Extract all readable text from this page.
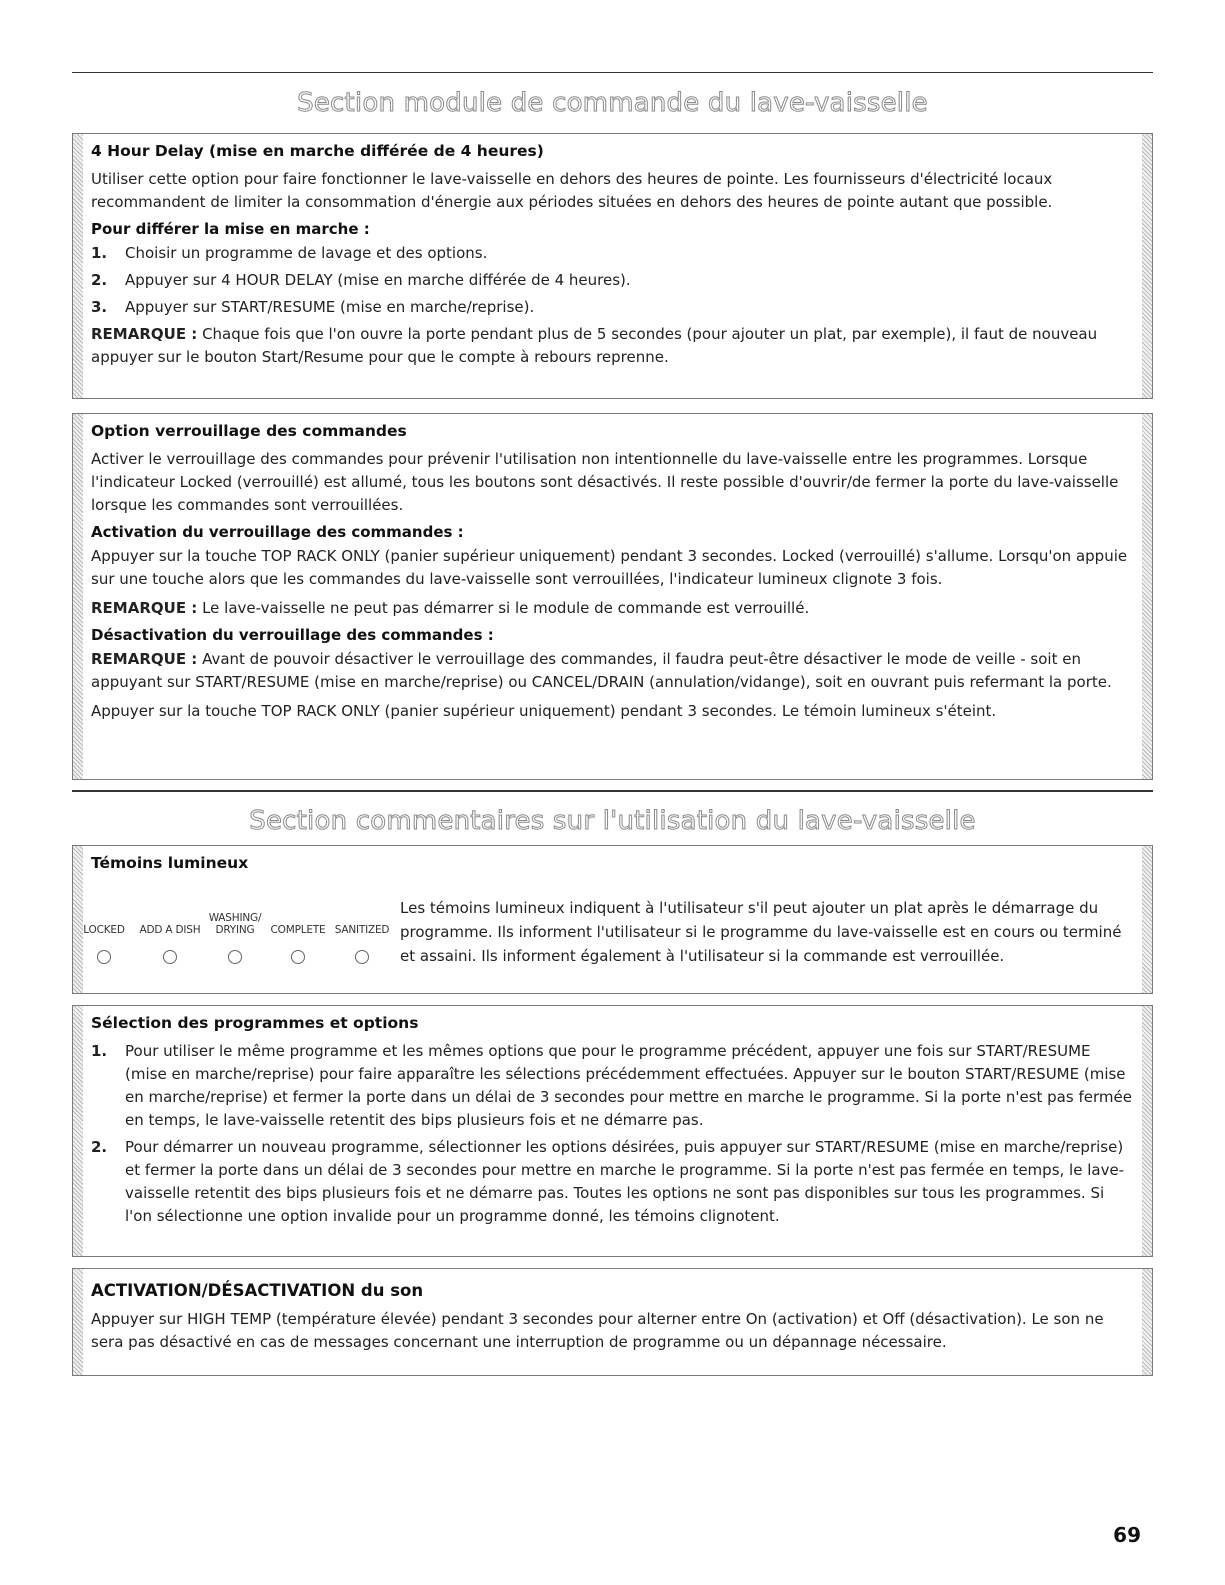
Section module de commande du lave-vaisselle
4 Hour Delay (mise en marche différée de 4 heures)

Utiliser cette option pour faire fonctionner le lave-vaisselle en dehors des heures de pointe. Les fournisseurs d'électricité locaux recommandent de limiter la consommation d'énergie aux périodes situées en dehors des heures de pointe autant que possible.

Pour différer la mise en marche :
1. Choisir un programme de lavage et des options.
2. Appuyer sur 4 HOUR DELAY (mise en marche différée de 4 heures).
3. Appuyer sur START/RESUME (mise en marche/reprise).

REMARQUE : Chaque fois que l'on ouvre la porte pendant plus de 5 secondes (pour ajouter un plat, par exemple), il faut de nouveau appuyer sur le bouton Start/Resume pour que le compte à rebours reprenne.

Option verrouillage des commandes

Activer le verrouillage des commandes pour prévenir l'utilisation non intentionnelle du lave-vaisselle entre les programmes. Lorsque l'indicateur Locked (verrouillé) est allumé, tous les boutons sont désactivés. Il reste possible d'ouvrir/de fermer la porte du lave-vaisselle lorsque les commandes sont verrouillées.

Activation du verrouillage des commandes :

Appuyer sur la touche TOP RACK ONLY (panier supérieur uniquement) pendant 3 secondes. Locked (verrouillé) s'allume. Lorsqu'on appuie sur une touche alors que les commandes du lave-vaisselle sont verrouillées, l'indicateur lumineux clignote 3 fois.

REMARQUE : Le lave-vaisselle ne peut pas démarrer si le module de commande est verrouillé.

Désactivation du verrouillage des commandes :

REMARQUE : Avant de pouvoir désactiver le verrouillage des commandes, il faudra peut-être désactiver le mode de veille - soit en appuyant sur START/RESUME (mise en marche/reprise) ou CANCEL/DRAIN (annulation/vidange), soit en ouvrant puis refermant la porte.

Appuyer sur la touche TOP RACK ONLY (panier supérieur uniquement) pendant 3 secondes. Le témoin lumineux s'éteint.

Section commentaires sur l'utilisation du lave-vaisselle
Témoins lumineux

LOCKED ADD A DISH
WASHING/
DRYING	COMPLETE SANITIZED

Les témoins lumineux indiquent à l'utilisateur s'il peut ajouter un plat après le démarrage du programme. Ils informent l'utilisateur si le programme du lave-vaisselle est en cours ou terminé et assaini. Ils informent également à l'utilisateur si la commande est verrouillée.

Sélection des programmes et options
1. Pour utiliser le même programme et les mêmes options que pour le programme précédent, appuyer une fois sur START/RESUME (mise en marche/reprise) pour faire apparaître les sélections précédemment effectuées. Appuyer sur le bouton START/RESUME (mise en marche/reprise) et fermer la porte dans un délai de 3 secondes pour mettre en marche le programme. Si la porte n'est pas fermée en temps, le lave-vaisselle retentit des bips plusieurs fois et ne démarre pas.
2. Pour démarrer un nouveau programme, sélectionner les options désirées, puis appuyer sur START/RESUME (mise en marche/reprise) et fermer la porte dans un délai de 3 secondes pour mettre en marche le programme. Si la porte n'est pas fermée en temps, le lave-vaisselle retentit des bips plusieurs fois et ne démarre pas. Toutes les options ne sont pas disponibles sur tous les programmes. Si l'on sélectionne une option invalide pour un programme donné, les témoins clignotent.
ACTIVATION/DÉSACTIVATION du son

Appuyer sur HIGH TEMP (température élevée) pendant 3 secondes pour alterner entre On (activation) et Off (désactivation). Le son ne sera pas désactivé en cas de messages concernant une interruption de programme ou un dépannage nécessaire.

69
